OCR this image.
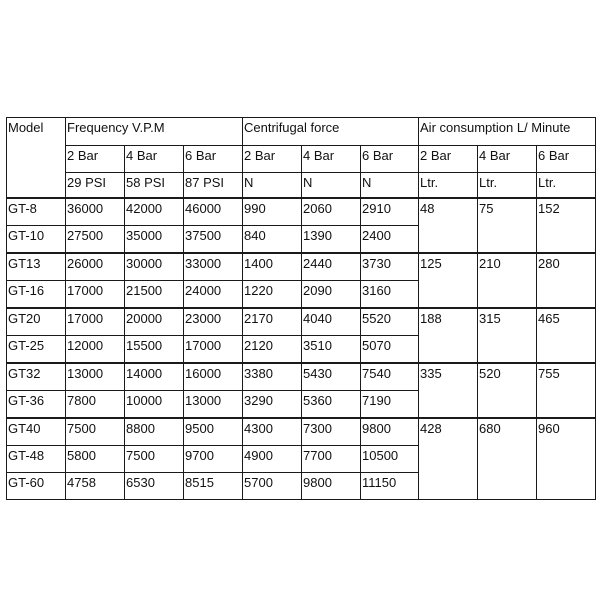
Model	Frequency V.P.M			Centrifugal force			Air consumption L/ Minute		
	2 Bar	4 Bar	6 Bar	2 Bar	4 Bar	6 Bar	2 Bar	4 Bar	6 Bar
	29 PSI	58 PSI	87 PSI	N	N	N	Ltr.	Ltr.	Ltr.
GT-8	36000	42000	46000	990	2060	2910	48	75	152
GT-10	27500	35000	37500	840	1390	2400			
GT13	26000	30000	33000	1400	2440	3730	125	210	280
GT-16	17000	21500	24000	1220	2090	3160			
GT20	17000	20000	23000	2170	4040	5520	188	315	465
GT-25	12000	15500	17000	2120	3510	5070			
GT32	13000	14000	16000	3380	5430	7540	335	520	755
GT-36	7800	10000	13000	3290	5360	7190			
GT40	7500	8800	9500	4300	7300	9800	428	680	960
GT-48	5800	7500	9700	4900	7700	10500			
GT-60	4758	6530	8515	5700	9800	11150			
